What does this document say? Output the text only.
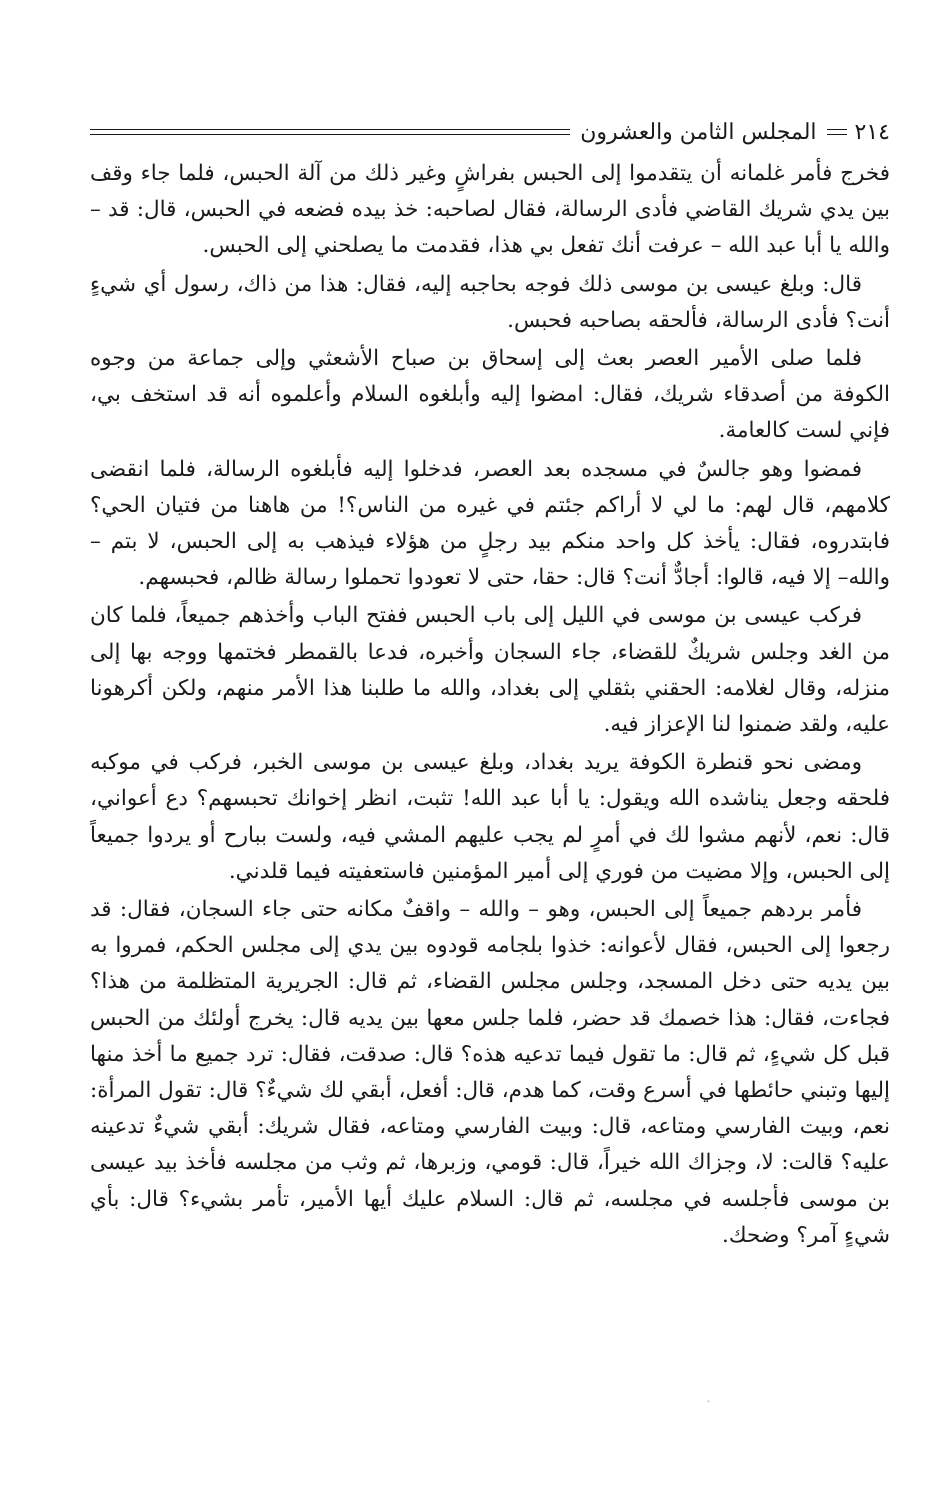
٢١٤
المجلس الثامن والعشرون

فخرج فأمر غلمانه أن يتقدموا إلى الحبس بفراشٍ وغير ذلك من آلة الحبس، فلما جاء وقف بين يدي شريك القاضي فأدى الرسالة، فقال لصاحبه: خذ بيده فضعه في الحبس، قال: قد – والله يا أبا عبد الله – عرفت أنك تفعل بي هذا، فقدمت ما يصلحني إلى الحبس.

قال: وبلغ عيسى بن موسى ذلك فوجه بحاجبه إليه، فقال: هذا من ذاك، رسول أي شيءٍ أنت؟ فأدى الرسالة، فألحقه بصاحبه فحبس.

فلما صلى الأمير العصر بعث إلى إسحاق بن صباح الأشعثي وإلى جماعة من وجوه الكوفة من أصدقاء شريك، فقال: امضوا إليه وأبلغوه السلام وأعلموه أنه قد استخف بي، فإني لست كالعامة.

فمضوا وهو جالسٌ في مسجده بعد العصر، فدخلوا إليه فأبلغوه الرسالة، فلما انقضى كلامهم، قال لهم: ما لي لا أراكم جئتم في غيره من الناس؟! من هاهنا من فتيان الحي؟ فابتدروه، فقال: يأخذ كل واحد منكم بيد رجلٍ من هؤلاء فيذهب به إلى الحبس، لا بتم –والله– إلا فيه، قالوا: أجادٌّ أنت؟ قال: حقا، حتى لا تعودوا تحملوا رسالة ظالم، فحبسهم.

فركب عيسى بن موسى في الليل إلى باب الحبس ففتح الباب وأخذهم جميعاً، فلما كان من الغد وجلس شريكٌ للقضاء، جاء السجان وأخبره، فدعا بالقمطر فختمها ووجه بها إلى منزله، وقال لغلامه: الحقني بثقلي إلى بغداد، والله ما طلبنا هذا الأمر منهم، ولكن أكرهونا عليه، ولقد ضمنوا لنا الإعزاز فيه.

ومضى نحو قنطرة الكوفة يريد بغداد، وبلغ عيسى بن موسى الخبر، فركب في موكبه فلحقه وجعل يناشده الله ويقول: يا أبا عبد الله! تثبت، انظر إخوانك تحبسهم؟ دع أعواني، قال: نعم، لأنهم مشوا لك في أمرٍ لم يجب عليهم المشي فيه، ولست ببارح أو يردوا جميعاً إلى الحبس، وإلا مضيت من فوري إلى أمير المؤمنين فاستعفيته فيما قلدني.

فأمر بردهم جميعاً إلى الحبس، وهو – والله – واقفٌ مكانه حتى جاء السجان، فقال: قد رجعوا إلى الحبس، فقال لأعوانه: خذوا بلجامه قودوه بين يدي إلى مجلس الحكم، فمروا به بين يديه حتى دخل المسجد، وجلس مجلس القضاء، ثم قال: الجريرية المتظلمة من هذا؟ فجاءت، فقال: هذا خصمك قد حضر، فلما جلس معها بين يديه قال: يخرج أولئك من الحبس قبل كل شيءٍ، ثم قال: ما تقول فيما تدعيه هذه؟ قال: صدقت، فقال: ترد جميع ما أخذ منها إليها وتبني حائطها في أسرع وقت، كما هدم، قال: أفعل، أبقي لك شيءٌ؟ قال: تقول المرأة: نعم، وبيت الفارسي ومتاعه، قال: وبيت الفارسي ومتاعه، فقال شريك: أبقي شيءٌ تدعينه عليه؟ قالت: لا، وجزاك الله خيراً، قال: قومي، وزبرها، ثم وثب من مجلسه فأخذ بيد عيسى بن موسى فأجلسه في مجلسه، ثم قال: السلام عليك أيها الأمير، تأمر بشيء؟ قال: بأي شيءٍ آمر؟ وضحك.

˛
